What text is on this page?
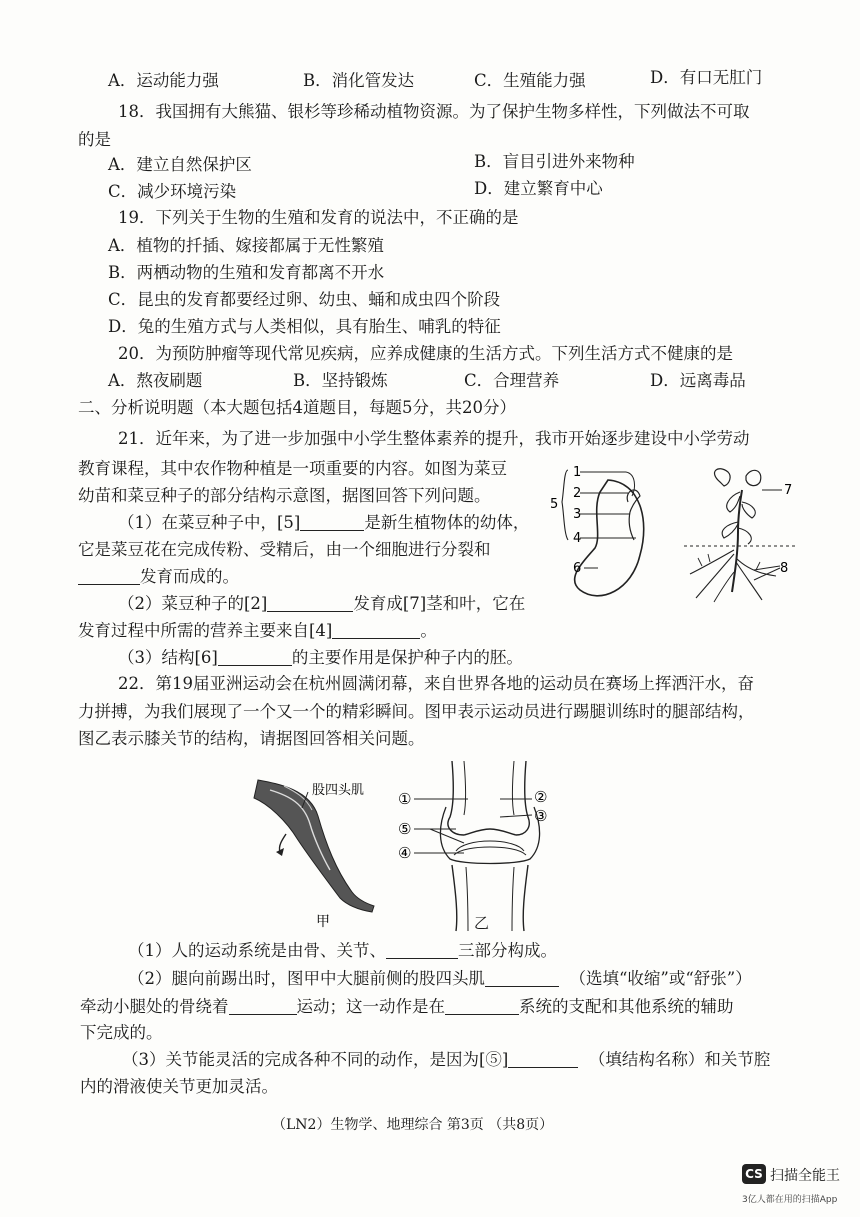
A．运动能力强	B．消化管发达	C．生殖能力强	D．有口无肛门
18．我国拥有大熊猫、银杉等珍稀动植物资源。为了保护生物多样性，下列做法不可取
的是
A．建立自然保护区	B．盲目引进外来物种
C．减少环境污染	D．建立繁育中心
19．下列关于生物的生殖和发育的说法中，不正确的是
A．植物的扦插、嫁接都属于无性繁殖
B．两栖动物的生殖和发育都离不开水
C．昆虫的发育都要经过卵、幼虫、蛹和成虫四个阶段
D．兔的生殖方式与人类相似，具有胎生、哺乳的特征
20．为预防肿瘤等现代常见疾病，应养成健康的生活方式。下列生活方式不健康的是
A．熬夜刷题	B．坚持锻炼	C．合理营养	D．远离毒品
二、分析说明题（本大题包括4道题目，每题5分，共20分）
21．近年来，为了进一步加强中小学生整体素养的提升，我市开始逐步建设中小学劳动
教育课程，其中农作物种植是一项重要的内容。如图为菜豆
幼苗和菜豆种子的部分结构示意图，据图回答下列问题。
（1）在菜豆种子中，[5]	是新生植物体的幼体，
它是菜豆花在完成传粉、受精后，由一个细胞进行分裂和
发育而成的。
（2）菜豆种子的[2]	发育成[7]茎和叶，它在
发育过程中所需的营养主要来自[4]	。
（3）结构[6]	的主要作用是保护种子内的胚。
1
2
3
4
5
6
7
8
22．第19届亚洲运动会在杭州圆满闭幕，来自世界各地的运动员在赛场上挥洒汗水，奋
力拼搏，为我们展现了一个又一个的精彩瞬间。图甲表示运动员进行踢腿训练时的腿部结构，
图乙表示膝关节的结构，请据图回答相关问题。
股四头肌
甲
①	②
③
④
⑤
乙
（1）人的运动系统是由骨、关节、	三部分构成。
（2）腿向前踢出时，图甲中大腿前侧的股四头肌	（选填“收缩”或“舒张”）
牵动小腿处的骨绕着	运动；这一动作是在	系统的支配和其他系统的辅助
下完成的。
（3）关节能灵活的完成各种不同的动作，是因为[⑤]	（填结构名称）和关节腔
内的滑液使关节更加灵活。
（LN2）生物学、地理综合 第3页 （共8页）
CS 扫描全能王
3亿人都在用的扫描App
